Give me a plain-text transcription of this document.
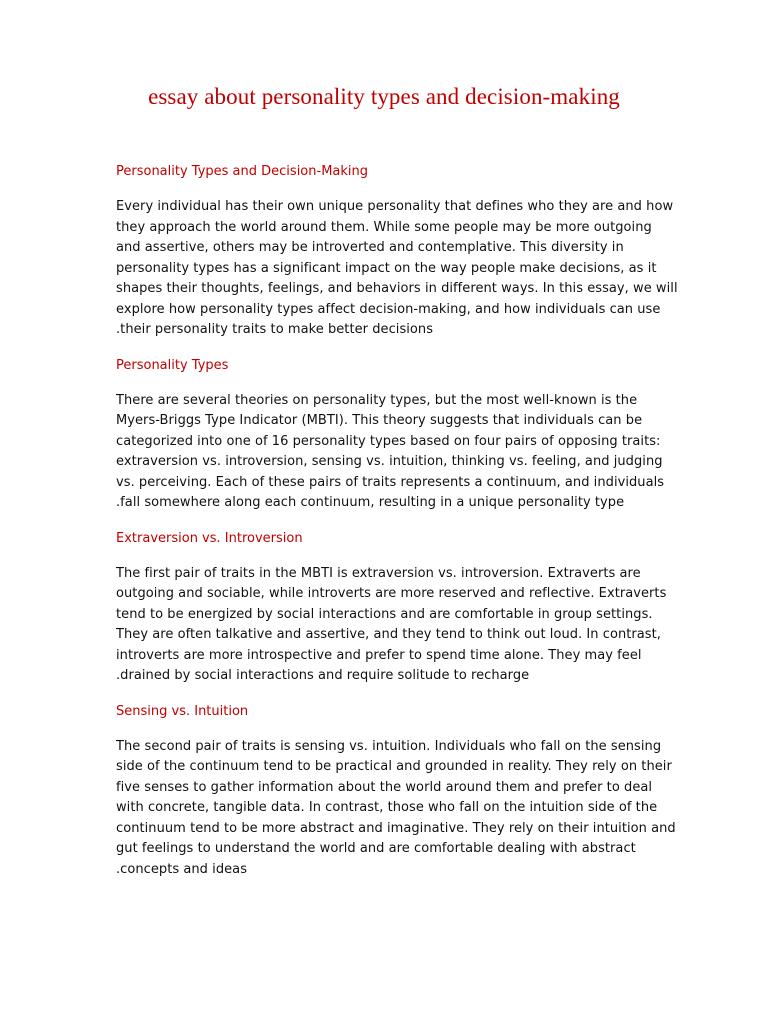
essay about personality types and decision-making
Personality Types and Decision-Making

Every individual has their own unique personality that defines who they are and how
they approach the world around them. While some people may be more outgoing
and assertive, others may be introverted and contemplative. This diversity in
personality types has a significant impact on the way people make decisions, as it
shapes their thoughts, feelings, and behaviors in different ways. In this essay, we will
explore how personality types affect decision-making, and how individuals can use
.their personality traits to make better decisions

Personality Types

There are several theories on personality types, but the most well-known is the
Myers-Briggs Type Indicator (MBTI). This theory suggests that individuals can be
categorized into one of 16 personality types based on four pairs of opposing traits:
extraversion vs. introversion, sensing vs. intuition, thinking vs. feeling, and judging
vs. perceiving. Each of these pairs of traits represents a continuum, and individuals
.fall somewhere along each continuum, resulting in a unique personality type

Extraversion vs. Introversion

The first pair of traits in the MBTI is extraversion vs. introversion. Extraverts are
outgoing and sociable, while introverts are more reserved and reflective. Extraverts
tend to be energized by social interactions and are comfortable in group settings.
They are often talkative and assertive, and they tend to think out loud. In contrast,
introverts are more introspective and prefer to spend time alone. They may feel
.drained by social interactions and require solitude to recharge

Sensing vs. Intuition

The second pair of traits is sensing vs. intuition. Individuals who fall on the sensing
side of the continuum tend to be practical and grounded in reality. They rely on their
five senses to gather information about the world around them and prefer to deal
with concrete, tangible data. In contrast, those who fall on the intuition side of the
continuum tend to be more abstract and imaginative. They rely on their intuition and
gut feelings to understand the world and are comfortable dealing with abstract
.concepts and ideas
